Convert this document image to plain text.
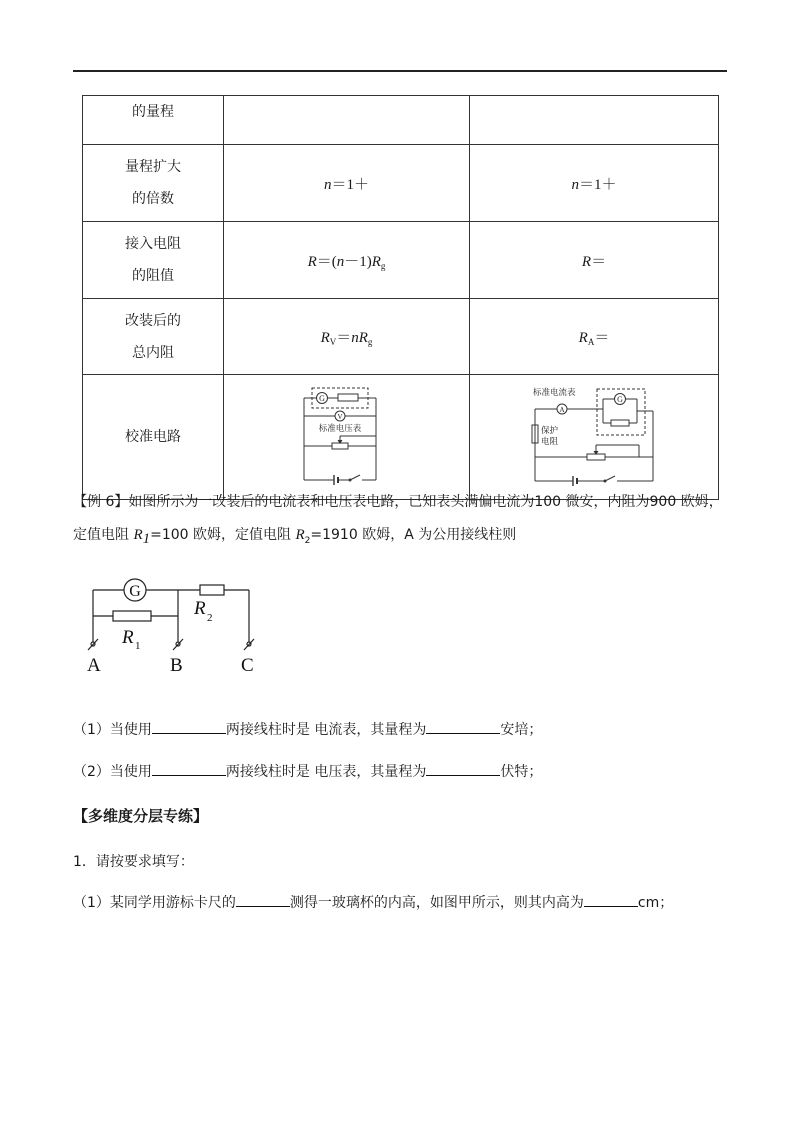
的量程		

量程扩大
的倍数	n＝1＋	n＝1＋

接入电阻
的阻值	$R=(n-1)R_g$	R＝

改装后的
总内阻	$R_V=nR_g$	$R_A=$

校准电路	G
V
标准电压表	标准电流表
A
G
保护
电阻
【例 6】如图所示为一改装后的电流表和电压表电路，已知表头满偏电流为100 微安，内阻为900 欧姆，
定值电阻 $R_1=100$ 欧姆，定值电阻 $R_2=1910$ 欧姆，A 为公用接线柱则
G
R 2
R 1
A	B	C
（1）当使用	两接线柱时是 电流表，其量程为	安培；
（2）当使用	两接线柱时是 电压表，其量程为	伏特；
【多维度分层专练】
1．请按要求填写：
（1）某同学用游标卡尺的	测得一玻璃杯的内高，如图甲所示，则其内高为	cm；
